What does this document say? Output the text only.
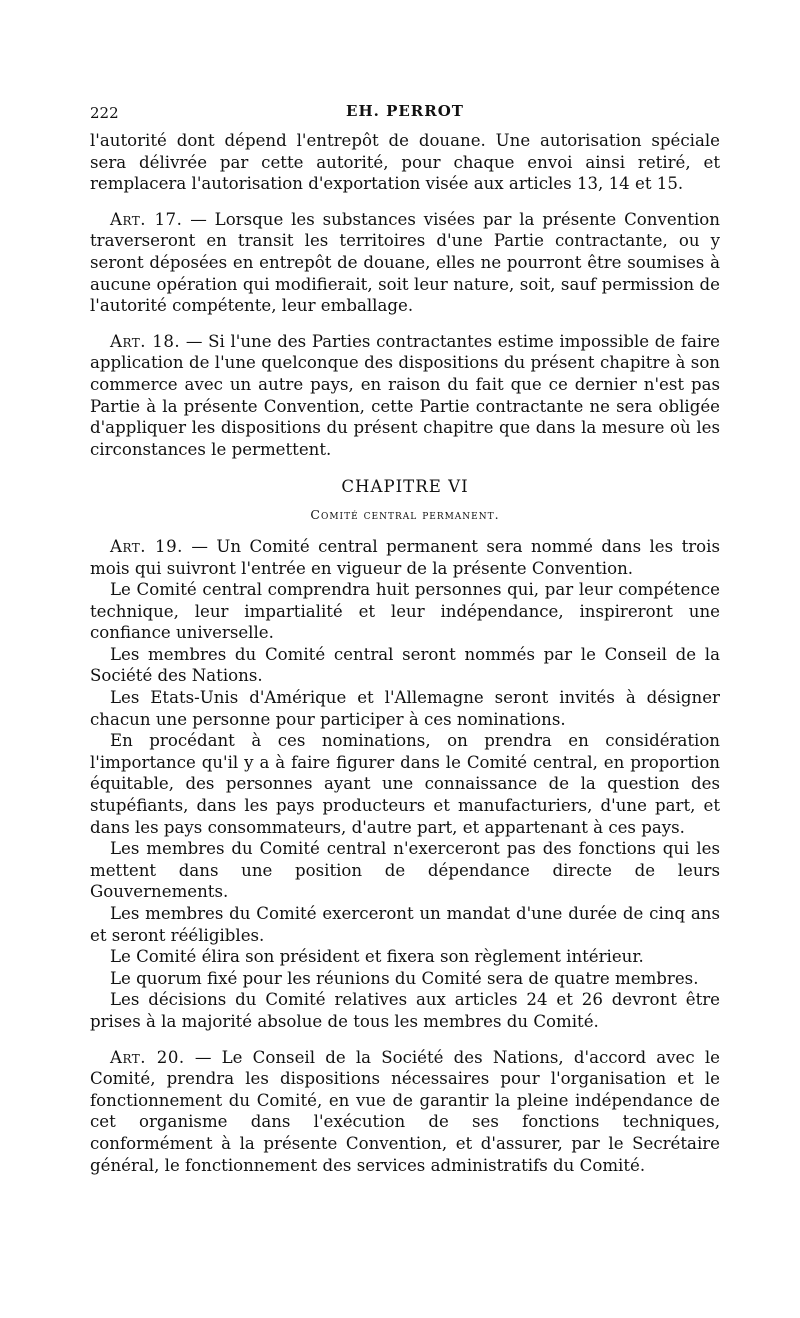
222	EH. PERROT

l'autorité dont dépend l'entrepôt de douane. Une autorisation spéciale sera délivrée par cette autorité, pour chaque envoi ainsi retiré, et remplacera l'autorisation d'exportation visée aux articles 13, 14 et 15.

Art. 17. — Lorsque les substances visées par la présente Convention traverseront en transit les territoires d'une Partie contractante, ou y seront déposées en entrepôt de douane, elles ne pourront être soumises à aucune opération qui modifierait, soit leur nature, soit, sauf permission de l'autorité compétente, leur emballage.

Art. 18. — Si l'une des Parties contractantes estime impossible de faire application de l'une quelconque des dispositions du présent chapitre à son commerce avec un autre pays, en raison du fait que ce dernier n'est pas Partie à la présente Convention, cette Partie contractante ne sera obligée d'appliquer les dispositions du présent chapitre que dans la mesure où les circonstances le permettent.

CHAPITRE VI
Comité central permanent.

Art. 19. — Un Comité central permanent sera nommé dans les trois mois qui suivront l'entrée en vigueur de la présente Convention.

Le Comité central comprendra huit personnes qui, par leur compétence technique, leur impartialité et leur indépendance, inspireront une confiance universelle.

Les membres du Comité central seront nommés par le Conseil de la Société des Nations.

Les Etats-Unis d'Amérique et l'Allemagne seront invités à désigner chacun une personne pour participer à ces nominations.

En procédant à ces nominations, on prendra en considération l'importance qu'il y a à faire figurer dans le Comité central, en proportion équitable, des personnes ayant une connaissance de la question des stupéfiants, dans les pays producteurs et manufacturiers, d'une part, et dans les pays consommateurs, d'autre part, et appartenant à ces pays.

Les membres du Comité central n'exerceront pas des fonctions qui les mettent dans une position de dépendance directe de leurs Gouvernements.

Les membres du Comité exerceront un mandat d'une durée de cinq ans et seront rééligibles.

Le Comité élira son président et fixera son règlement intérieur.

Le quorum fixé pour les réunions du Comité sera de quatre membres.

Les décisions du Comité relatives aux articles 24 et 26 devront être prises à la majorité absolue de tous les membres du Comité.

Art. 20. — Le Conseil de la Société des Nations, d'accord avec le Comité, prendra les dispositions nécessaires pour l'organisation et le fonctionnement du Comité, en vue de garantir la pleine indépendance de cet organisme dans l'exécution de ses fonctions techniques, conformément à la présente Convention, et d'assurer, par le Secrétaire général, le fonctionnement des services administratifs du Comité.
